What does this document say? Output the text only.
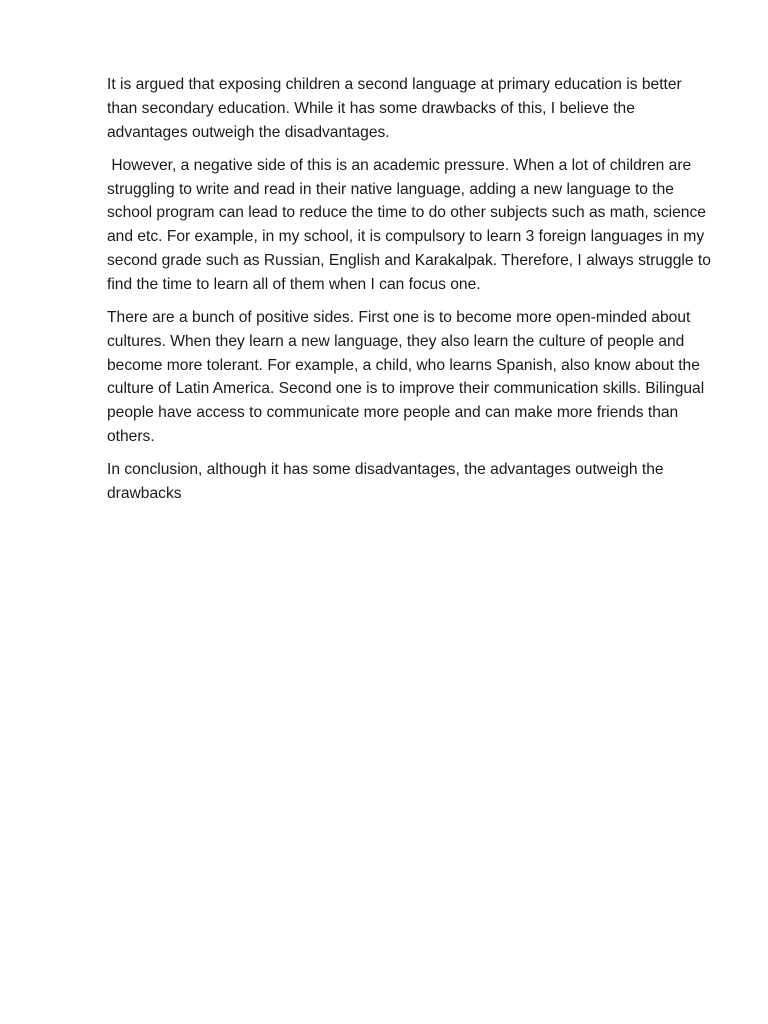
It is argued that exposing children a second language at primary education is better than secondary education. While it has some drawbacks of this, I believe the advantages outweigh the disadvantages.

However, a negative side of this is an academic pressure. When a lot of children are struggling to write and read in their native language, adding a new language to the school program can lead to reduce the time to do other subjects such as math, science and etc. For example, in my school, it is compulsory to learn 3 foreign languages in my second grade such as Russian, English and Karakalpak. Therefore, I always struggle to find the time to learn all of them when I can focus one.

There are a bunch of positive sides. First one is to become more open-minded about cultures. When they learn a new language, they also learn the culture of people and become more tolerant. For example, a child, who learns Spanish, also know about the culture of Latin America. Second one is to improve their communication skills. Bilingual people have access to communicate more people and can make more friends than others.

In conclusion, although it has some disadvantages, the advantages outweigh the drawbacks
